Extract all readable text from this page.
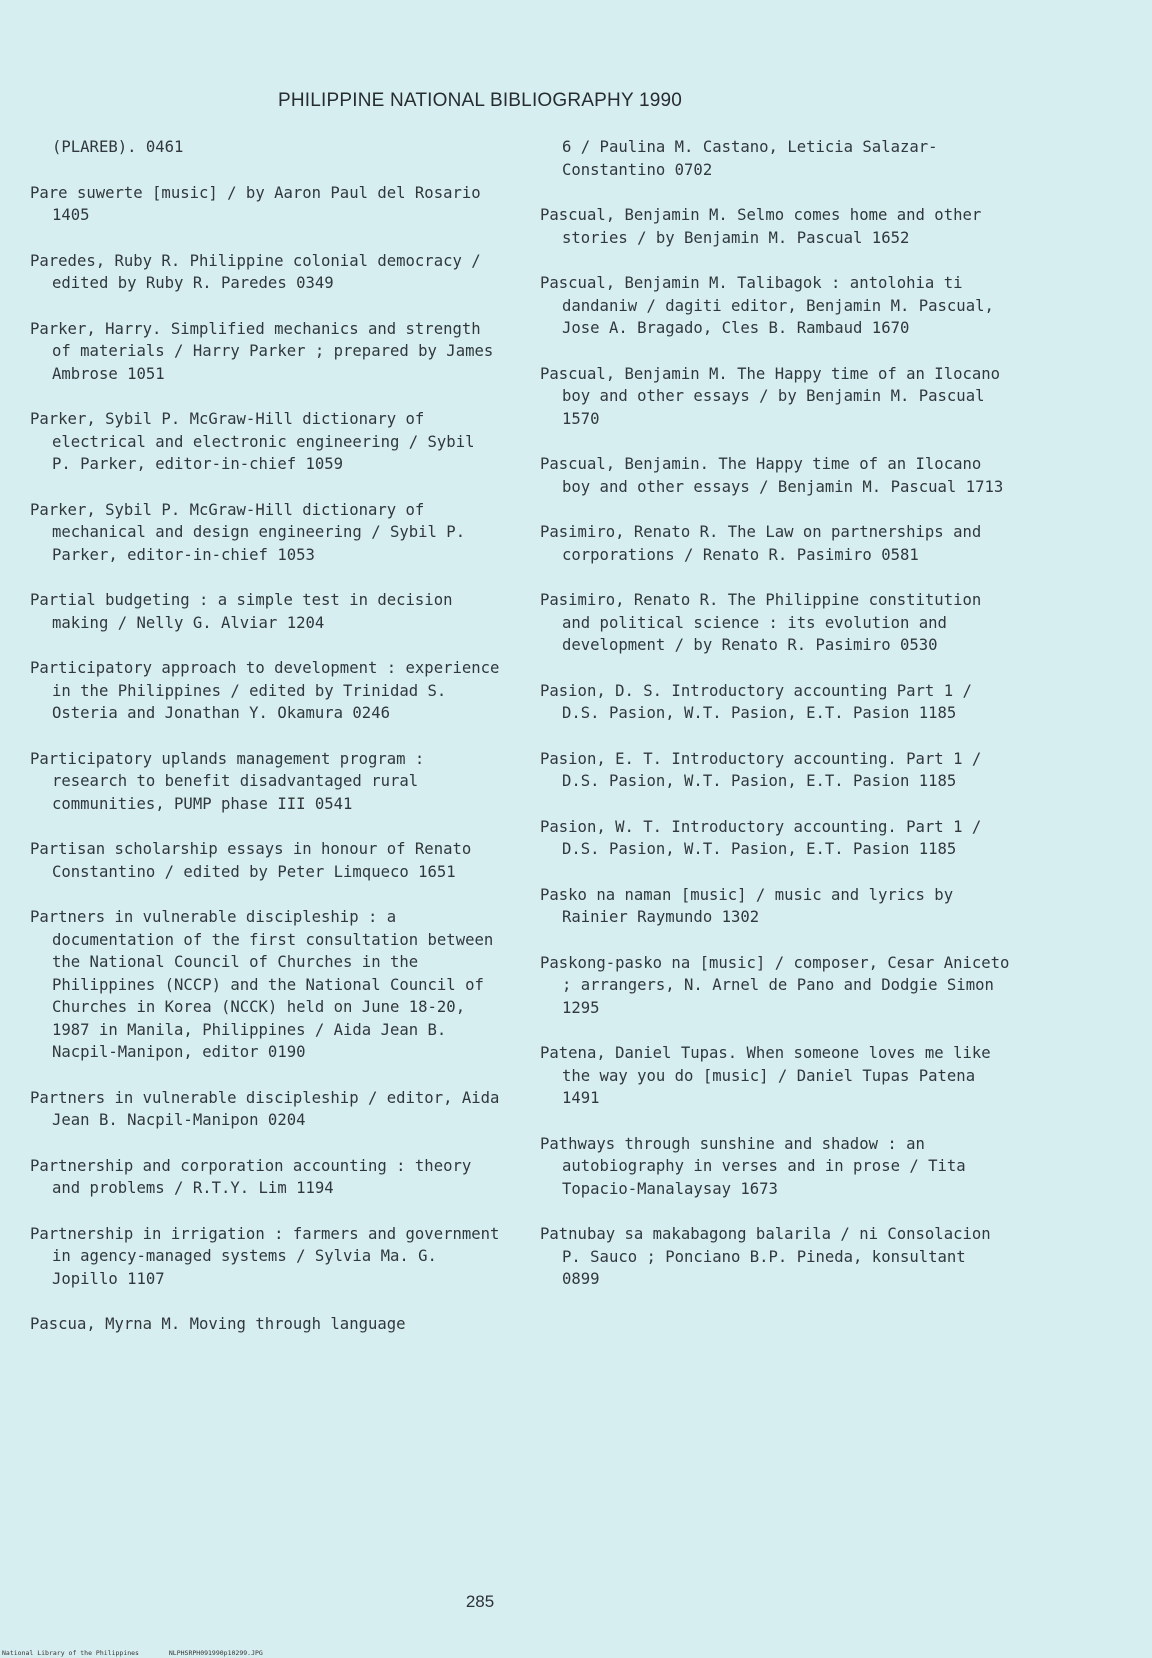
PHILIPPINE NATIONAL BIBLIOGRAPHY 1990

(PLAREB). 0461

Pare suwerte [music] / by Aaron Paul del Rosario 1405

Paredes, Ruby R. Philippine colonial democracy / edited by Ruby R. Paredes 0349

Parker, Harry. Simplified mechanics and strength of materials / Harry Parker ; prepared by James Ambrose 1051

Parker, Sybil P. McGraw-Hill dictionary of electrical and electronic engineering / Sybil P. Parker, editor-in-chief 1059

Parker, Sybil P. McGraw-Hill dictionary of mechanical and design engineering / Sybil P. Parker, editor-in-chief 1053

Partial budgeting : a simple test in decision making / Nelly G. Alviar 1204

Participatory approach to development : experience in the Philippines / edited by Trinidad S. Osteria and Jonathan Y. Okamura 0246

Participatory uplands management program : research to benefit disadvantaged rural communities, PUMP phase III 0541

Partisan scholarship essays in honour of Renato Constantino / edited by Peter Limqueco 1651

Partners in vulnerable discipleship : a documentation of the first consultation between the National Council of Churches in the Philippines (NCCP) and the National Council of Churches in Korea (NCCK) held on June 18-20, 1987 in Manila, Philippines / Aida Jean B. Nacpil-Manipon, editor 0190

Partners in vulnerable discipleship / editor, Aida Jean B. Nacpil-Manipon 0204

Partnership and corporation accounting : theory and problems / R.T.Y. Lim 1194

Partnership in irrigation : farmers and government in agency-managed systems / Sylvia Ma. G. Jopillo 1107

Pascua, Myrna M. Moving through language

6 / Paulina M. Castano, Leticia Salazar-Constantino 0702

Pascual, Benjamin M. Selmo comes home and other stories / by Benjamin M. Pascual 1652

Pascual, Benjamin M. Talibagok : antolohia ti dandaniw / dagiti editor, Benjamin M. Pascual, Jose A. Bragado, Cles B. Rambaud 1670

Pascual, Benjamin M. The Happy time of an Ilocano boy and other essays / by Benjamin M. Pascual 1570

Pascual, Benjamin. The Happy time of an Ilocano boy and other essays / Benjamin M. Pascual 1713

Pasimiro, Renato R. The Law on partnerships and corporations / Renato R. Pasimiro 0581

Pasimiro, Renato R. The Philippine constitution and political science : its evolution and development / by Renato R. Pasimiro 0530

Pasion, D. S. Introductory accounting Part 1 / D.S. Pasion, W.T. Pasion, E.T. Pasion 1185

Pasion, E. T. Introductory accounting. Part 1 / D.S. Pasion, W.T. Pasion, E.T. Pasion 1185

Pasion, W. T. Introductory accounting. Part 1 / D.S. Pasion, W.T. Pasion, E.T. Pasion 1185

Pasko na naman [music] / music and lyrics by Rainier Raymundo 1302

Paskong-pasko na [music] / composer, Cesar Aniceto ; arrangers, N. Arnel de Pano and Dodgie Simon 1295

Patena, Daniel Tupas. When someone loves me like the way you do [music] / Daniel Tupas Patena 1491

Pathways through sunshine and shadow : an autobiography in verses and in prose / Tita Topacio-Manalaysay 1673

Patnubay sa makabagong balarila / ni Consolacion P. Sauco ; Ponciano B.P. Pineda, konsultant 0899

285
National Library of the Philippines	NLPHSRPH091990p10299.JPG
